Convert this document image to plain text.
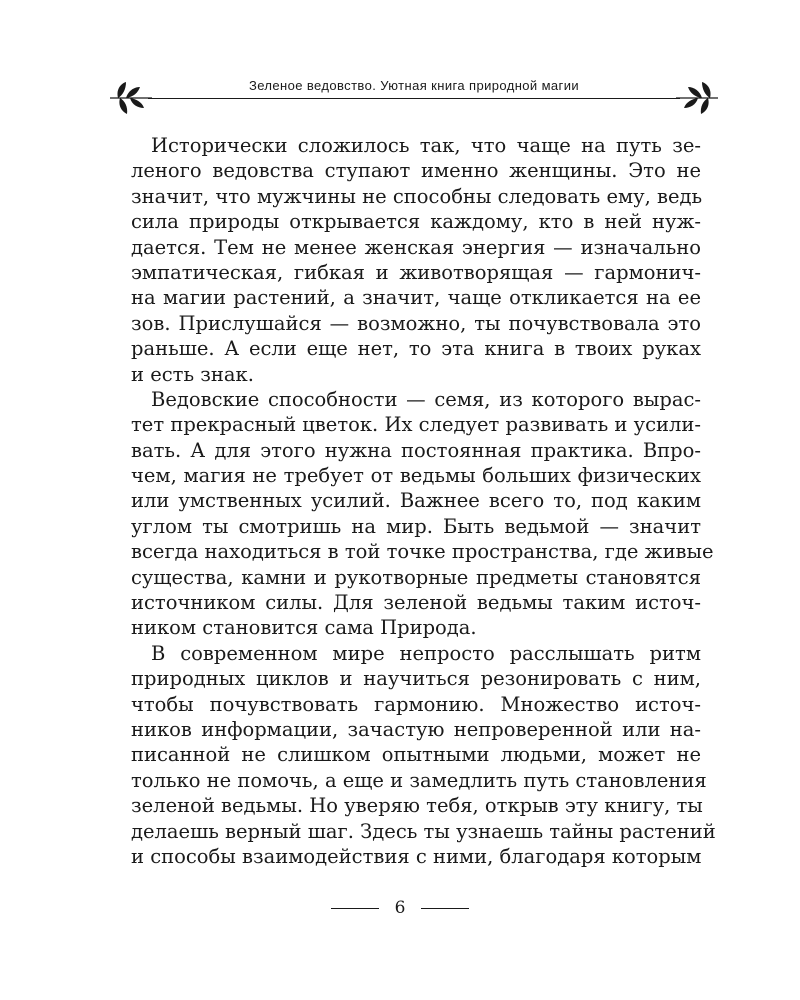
Зеленое ведовство. Уютная книга природной магии

Исторически сложилось так, что чаще на путь зе-
леного ведовства ступают именно женщины. Это не
значит, что мужчины не способны следовать ему, ведь
сила природы открывается каждому, кто в ней нуж-
дается. Тем не менее женская энергия — изначально
эмпатическая, гибкая и животворящая — гармонич-
на магии растений, а значит, чаще откликается на ее
зов. Прислушайся — возможно, ты почувствовала это
раньше. А если еще нет, то эта книга в твоих руках
и есть знак.

Ведовские способности — семя, из которого вырас-
тет прекрасный цветок. Их следует развивать и усили-
вать. А для этого нужна постоянная практика. Впро-
чем, магия не требует от ведьмы больших физических
или умственных усилий. Важнее всего то, под каким
углом ты смотришь на мир. Быть ведьмой — значит
всегда находиться в той точке пространства, где живые
существа, камни и рукотворные предметы становятся
источником силы. Для зеленой ведьмы таким источ-
ником становится сама Природа.

В современном мире непросто расслышать ритм
природных циклов и научиться резонировать с ним,
чтобы почувствовать гармонию. Множество источ-
ников информации, зачастую непроверенной или на-
писанной не слишком опытными людьми, может не
только не помочь, а еще и замедлить путь становления
зеленой ведьмы. Но уверяю тебя, открыв эту книгу, ты
делаешь верный шаг. Здесь ты узнаешь тайны растений
и способы взаимодействия с ними, благодаря которым

6
